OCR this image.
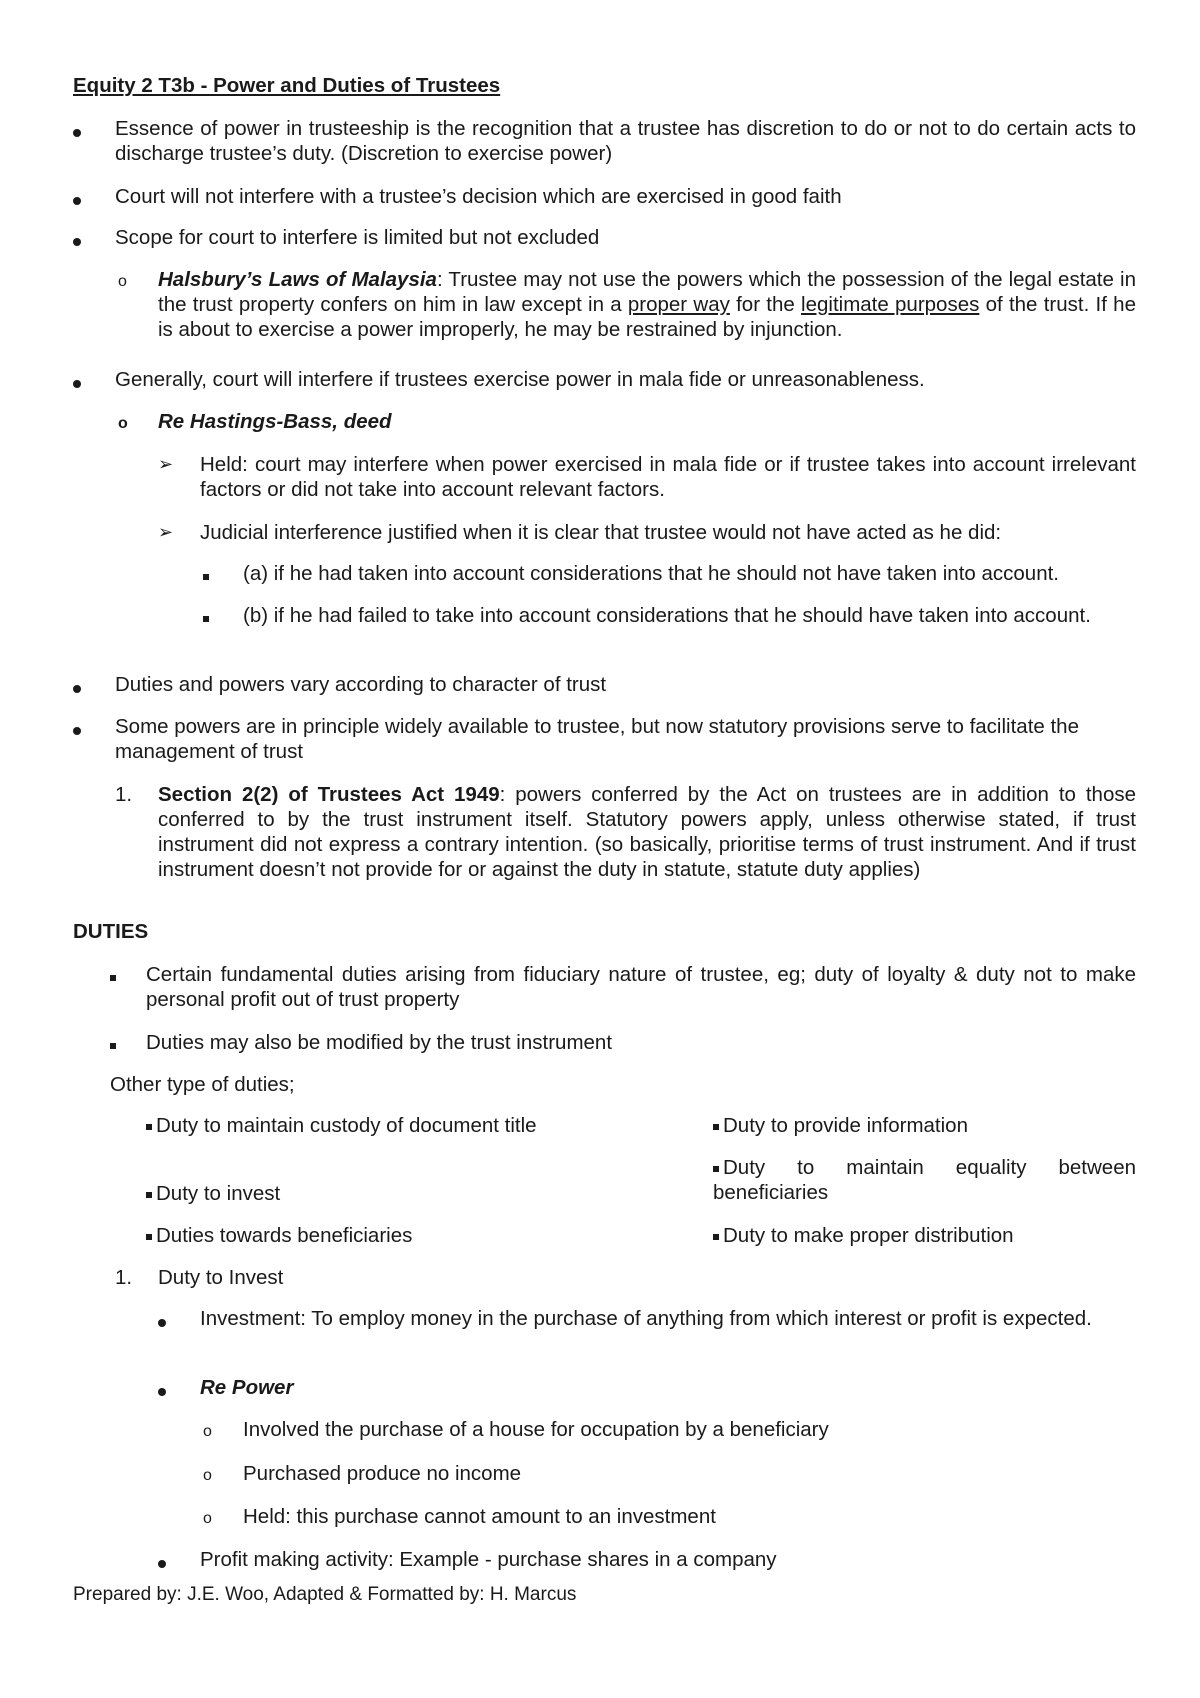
Equity 2 T3b - Power and Duties of Trustees
Essence of power in trusteeship is the recognition that a trustee has discretion to do or not to do certain acts to discharge trustee’s duty. (Discretion to exercise power)
Court will not interfere with a trustee’s decision which are exercised in good faith
Scope for court to interfere is limited but not excluded
o Halsbury’s Laws of Malaysia: Trustee may not use the powers which the possession of the legal estate in the trust property confers on him in law except in a proper way for the legitimate purposes of the trust. If he is about to exercise a power improperly, he may be restrained by injunction.
Generally, court will interfere if trustees exercise power in mala fide or unreasonableness.
o Re Hastings-Bass, deed
➢ Held: court may interfere when power exercised in mala fide or if trustee takes into account irrelevant factors or did not take into account relevant factors.
➢ Judicial interference justified when it is clear that trustee would not have acted as he did:
(a) if he had taken into account considerations that he should not have taken into account.
(b) if he had failed to take into account considerations that he should have taken into account.
Duties and powers vary according to character of trust
Some powers are in principle widely available to trustee, but now statutory provisions serve to facilitate the management of trust
1. Section 2(2) of Trustees Act 1949: powers conferred by the Act on trustees are in addition to those conferred to by the trust instrument itself. Statutory powers apply, unless otherwise stated, if trust instrument did not express a contrary intention. (so basically, prioritise terms of trust instrument. And if trust instrument doesn’t not provide for or against the duty in statute, statute duty applies)
DUTIES
Certain fundamental duties arising from fiduciary nature of trustee, eg; duty of loyalty & duty not to make personal profit out of trust property
Duties may also be modified by the trust instrument
Other type of duties;
Duty to maintain custody of document title
Duty to invest
Duties towards beneficiaries
Duty to provide information
Duty to maintain equality between beneficiaries
Duty to make proper distribution
1. Duty to Invest
Investment: To employ money in the purchase of anything from which interest or profit is expected.
Re Power
o Involved the purchase of a house for occupation by a beneficiary
o Purchased produce no income
o Held: this purchase cannot amount to an investment
Profit making activity: Example - purchase shares in a company
Prepared by: J.E. Woo, Adapted & Formatted by: H. Marcus
